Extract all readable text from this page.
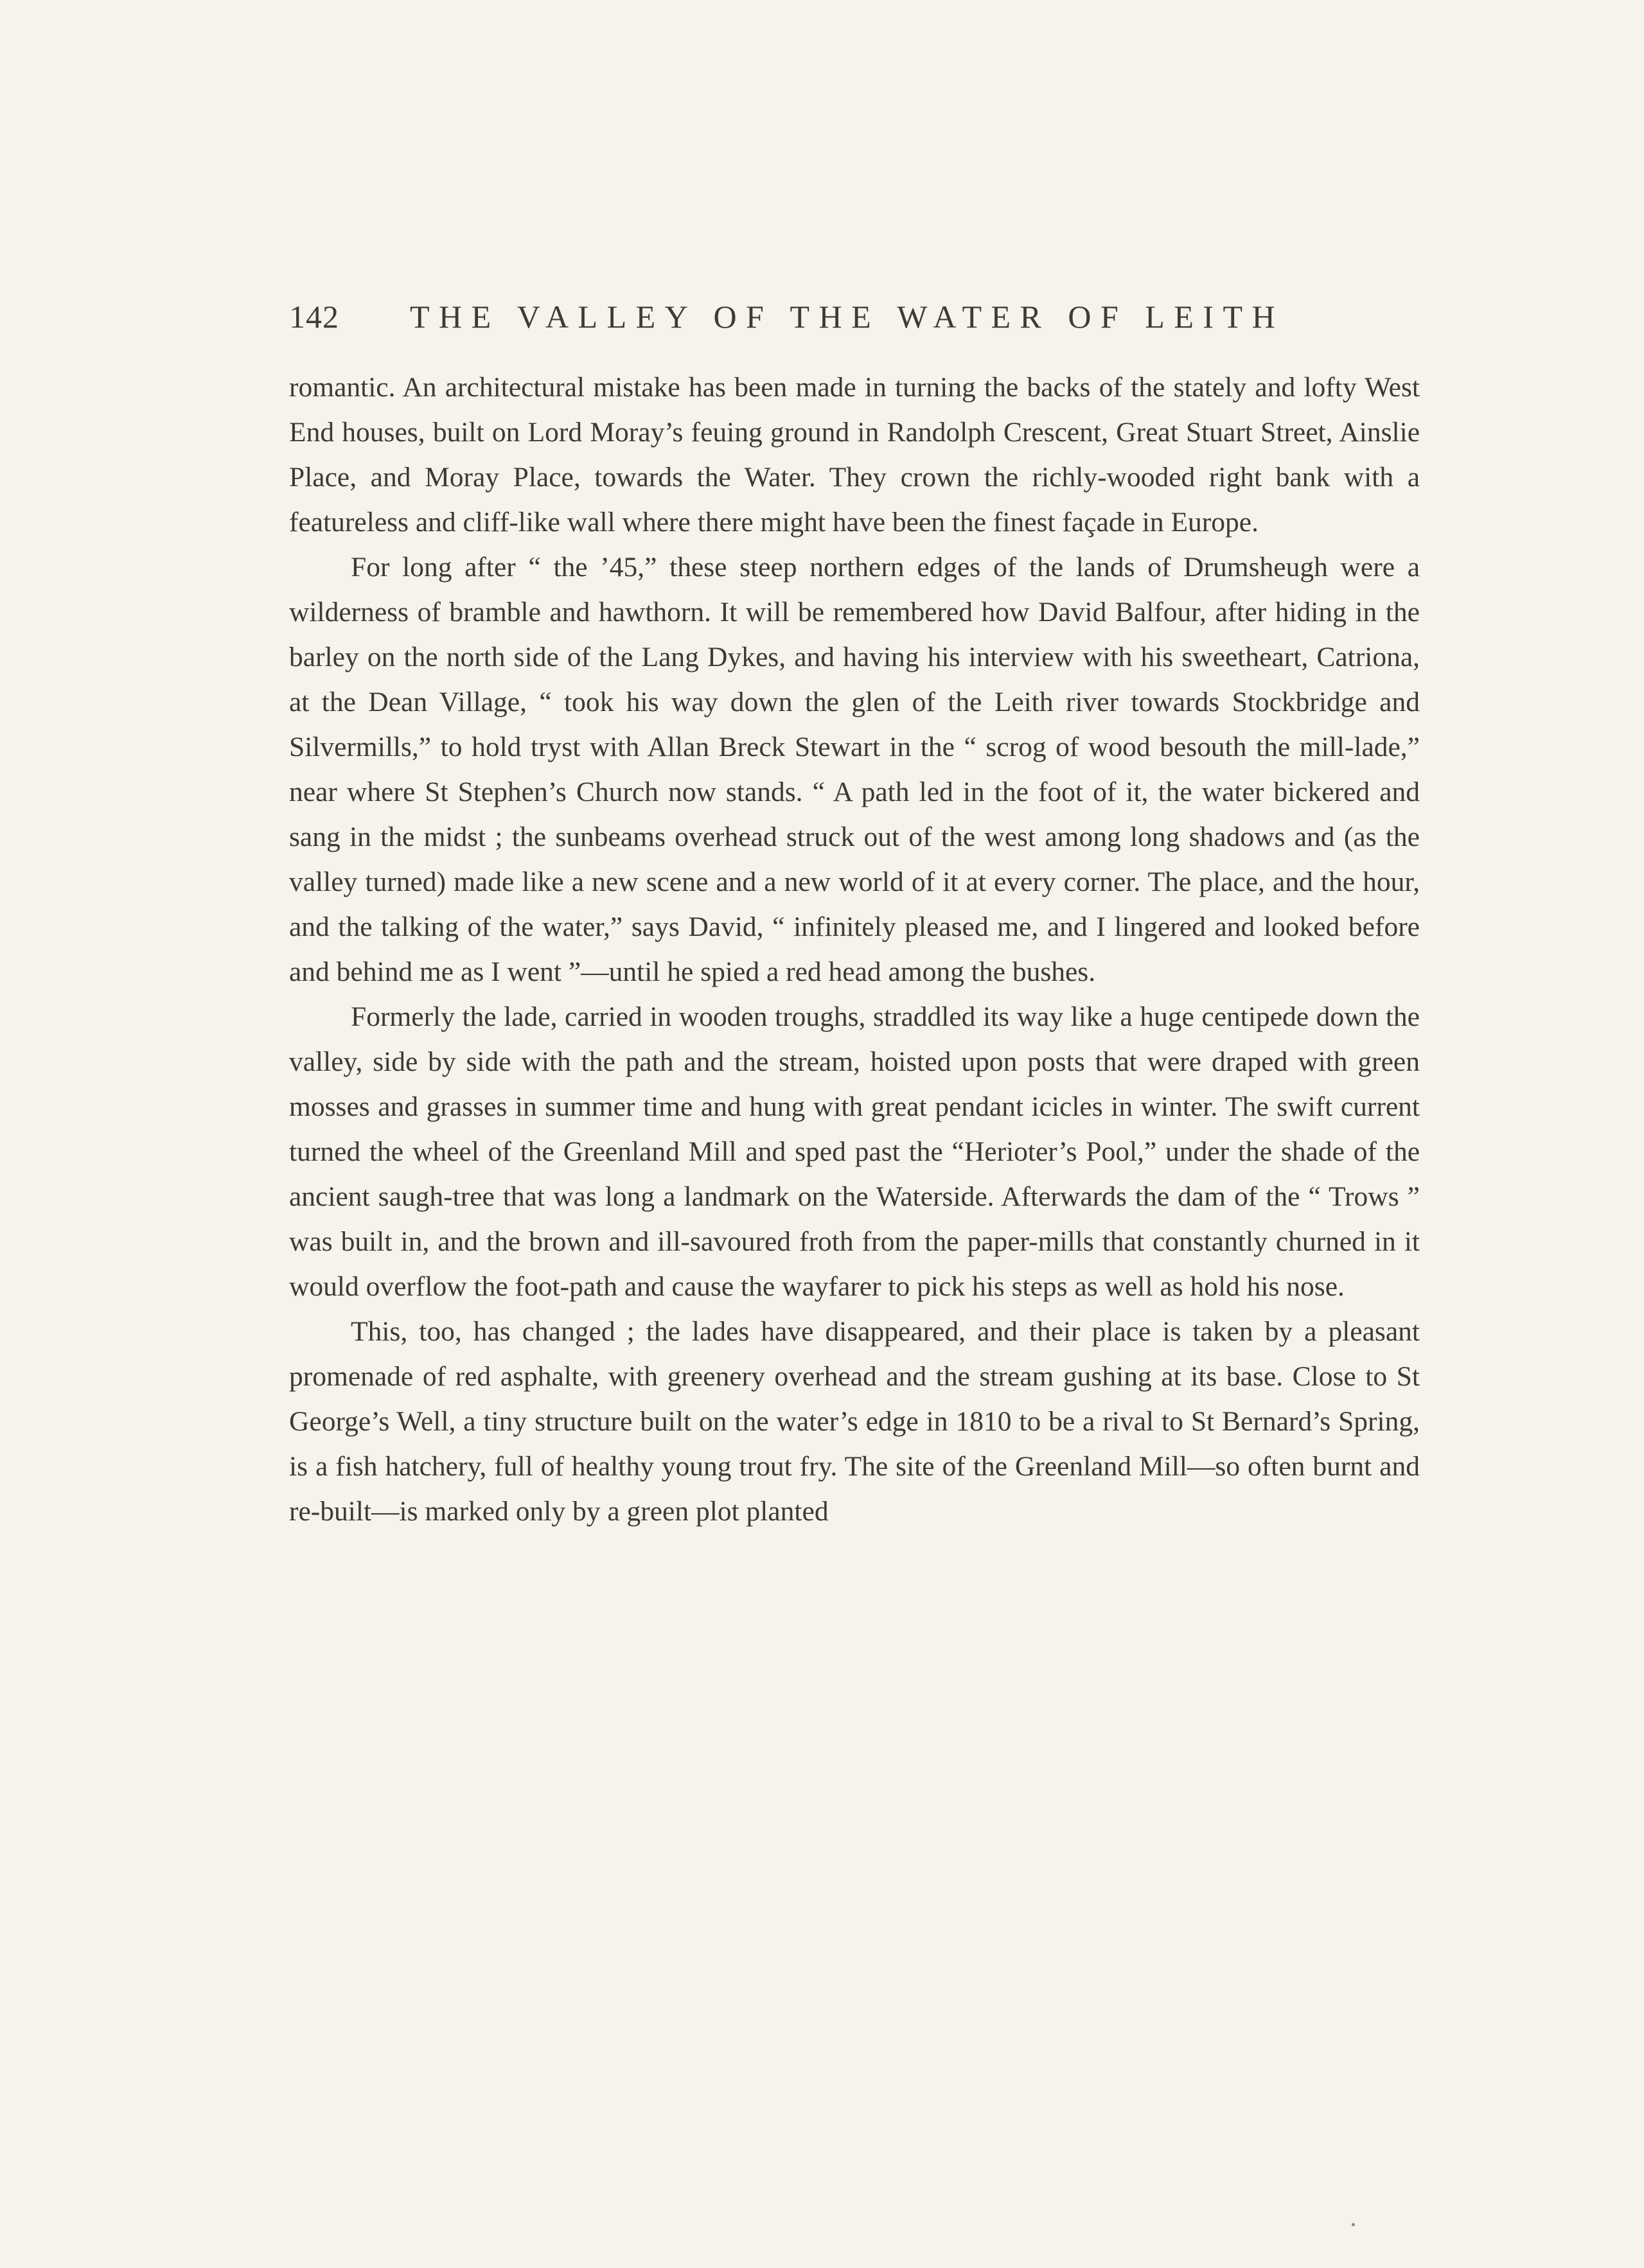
142 THE VALLEY OF THE WATER OF LEITH

romantic. An architectural mistake has been made in turning the backs of the stately and lofty West End houses, built on Lord Moray’s feuing ground in Randolph Crescent, Great Stuart Street, Ainslie Place, and Moray Place, towards the Water. They crown the richly-wooded right bank with a featureless and cliff-like wall where there might have been the finest façade in Europe.

For long after “ the ’45,” these steep northern edges of the lands of Drumsheugh were a wilderness of bramble and hawthorn. It will be remembered how David Balfour, after hiding in the barley on the north side of the Lang Dykes, and having his interview with his sweetheart, Catriona, at the Dean Village, “ took his way down the glen of the Leith river towards Stockbridge and Silvermills,” to hold tryst with Allan Breck Stewart in the “ scrog of wood besouth the mill-lade,” near where St Stephen’s Church now stands. “ A path led in the foot of it, the water bickered and sang in the midst ; the sunbeams overhead struck out of the west among long shadows and (as the valley turned) made like a new scene and a new world of it at every corner. The place, and the hour, and the talking of the water,” says David, “ infinitely pleased me, and I lingered and looked before and behind me as I went ”—until he spied a red head among the bushes.

Formerly the lade, carried in wooden troughs, straddled its way like a huge centipede down the valley, side by side with the path and the stream, hoisted upon posts that were draped with green mosses and grasses in summer time and hung with great pendant icicles in winter. The swift current turned the wheel of the Greenland Mill and sped past the “Herioter’s Pool,” under the shade of the ancient saugh-tree that was long a landmark on the Waterside. Afterwards the dam of the “ Trows ” was built in, and the brown and ill-savoured froth from the paper-mills that constantly churned in it would overflow the foot-path and cause the wayfarer to pick his steps as well as hold his nose.

This, too, has changed ; the lades have disappeared, and their place is taken by a pleasant promenade of red asphalte, with greenery overhead and the stream gushing at its base. Close to St George’s Well, a tiny structure built on the water’s edge in 1810 to be a rival to St Bernard’s Spring, is a fish hatchery, full of healthy young trout fry. The site of the Greenland Mill—so often burnt and re-built—is marked only by a green plot planted
